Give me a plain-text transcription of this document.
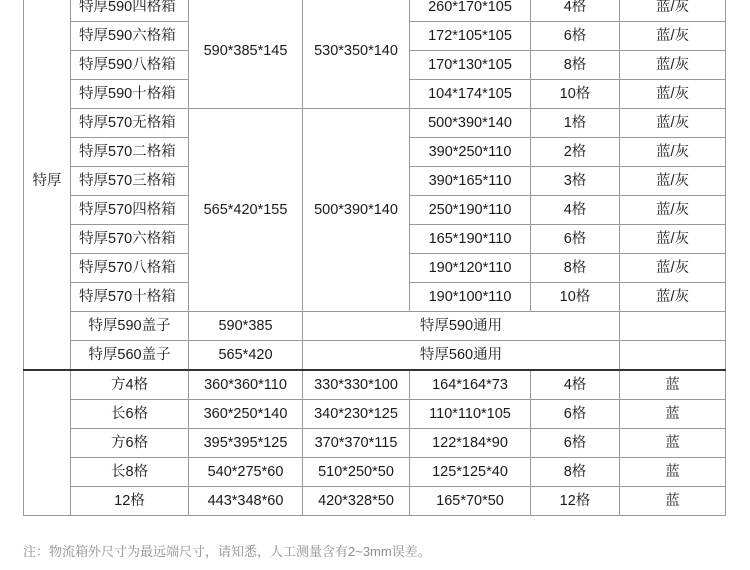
特厚	特厚590四格箱	590*385*145	530*350*140	260*170*105	4格	蓝/灰
	特厚590六格箱			172*105*105	6格	蓝/灰
	特厚590八格箱			170*130*105	8格	蓝/灰
	特厚590十格箱			104*174*105	10格	蓝/灰
	特厚570无格箱	565*420*155	500*390*140	500*390*140	1格	蓝/灰
	特厚570二格箱			390*250*110	2格	蓝/灰
	特厚570三格箱			390*165*110	3格	蓝/灰
	特厚570四格箱			250*190*110	4格	蓝/灰
	特厚570六格箱			165*190*110	6格	蓝/灰
	特厚570八格箱			190*120*110	8格	蓝/灰
	特厚570十格箱			190*100*110	10格	蓝/灰
	特厚590盖子	590*385	特厚590通用			
	特厚560盖子	565*420	特厚560通用			
	方4格	360*360*110	330*330*100	164*164*73	4格	蓝
	长6格	360*250*140	340*230*125	110*110*105	6格	蓝
	方6格	395*395*125	370*370*115	122*184*90	6格	蓝
	长8格	540*275*60	510*250*50	125*125*40	8格	蓝
	12格	443*348*60	420*328*50	165*70*50	12格	蓝
注：物流箱外尺寸为最远端尺寸，请知悉，人工测量含有2~3mm误差。
